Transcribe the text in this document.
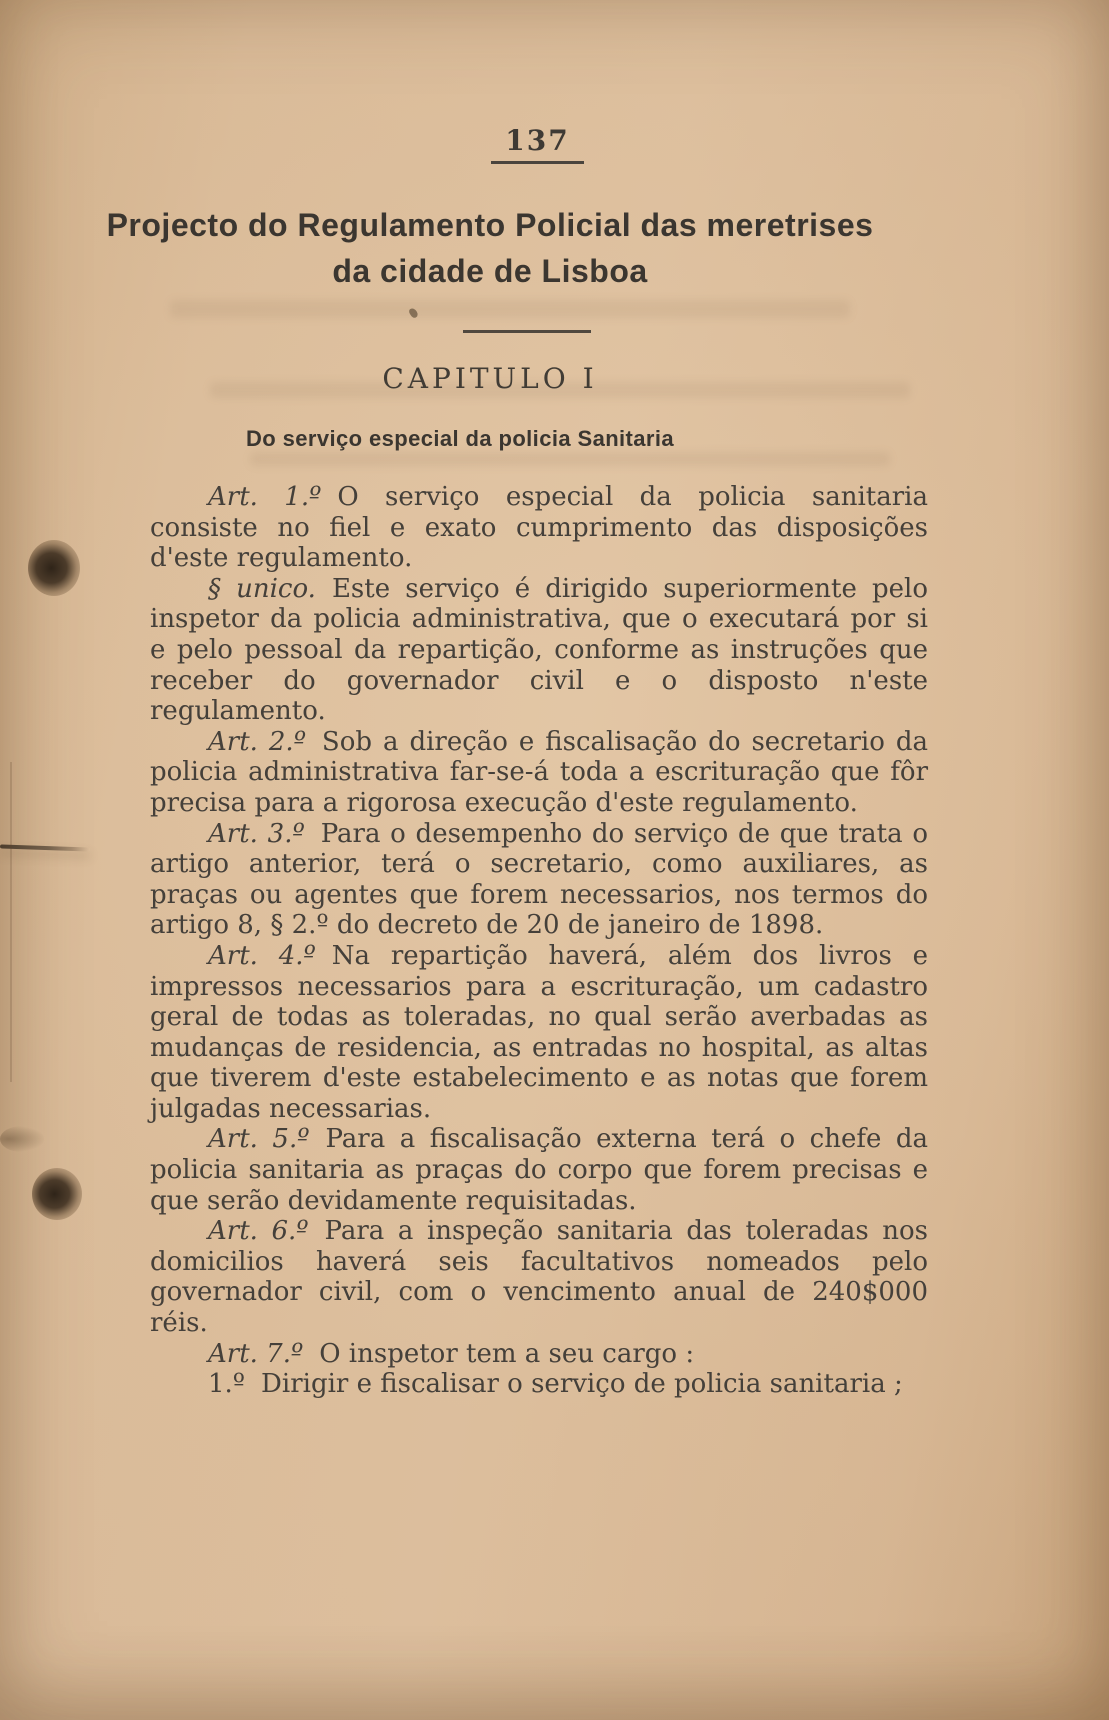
137
Projecto do Regulamento Policial das meretrises
da cidade de Lisboa
CAPITULO I
Do serviço especial da policia Sanitaria

Art. 1.º O serviço especial da policia sanitaria consiste no fiel e exato cumprimento das disposições d'este regulamento.

§ unico. Este serviço é dirigido superiormente pelo inspetor da policia administrativa, que o executará por si e pelo pessoal da repartição, conforme as instruções que receber do governador civil e o disposto n'este regulamento.

Art. 2.º Sob a direção e fiscalisação do secretario da policia administrativa far-se-á toda a escrituração que fôr precisa para a rigorosa execução d'este regulamento.

Art. 3.º Para o desempenho do serviço de que trata o artigo anterior, terá o secretario, como auxiliares, as praças ou agentes que forem necessarios, nos termos do artigo 8, § 2.º do decreto de 20 de janeiro de 1898.

Art. 4.º Na repartição haverá, além dos livros e impressos necessarios para a escrituração, um cadastro geral de todas as toleradas, no qual serão averbadas as mudanças de residencia, as entradas no hospital, as altas que tiverem d'este estabelecimento e as notas que forem julgadas necessarias.

Art. 5.º Para a fiscalisação externa terá o chefe da policia sanitaria as praças do corpo que forem precisas e que serão devidamente requisitadas.

Art. 6.º Para a inspeção sanitaria das toleradas nos domicilios haverá seis facultativos nomeados pelo governador civil, com o vencimento anual de 240$000 réis.

Art. 7.º O inspetor tem a seu cargo :

1.º Dirigir e fiscalisar o serviço de policia sanitaria ;
